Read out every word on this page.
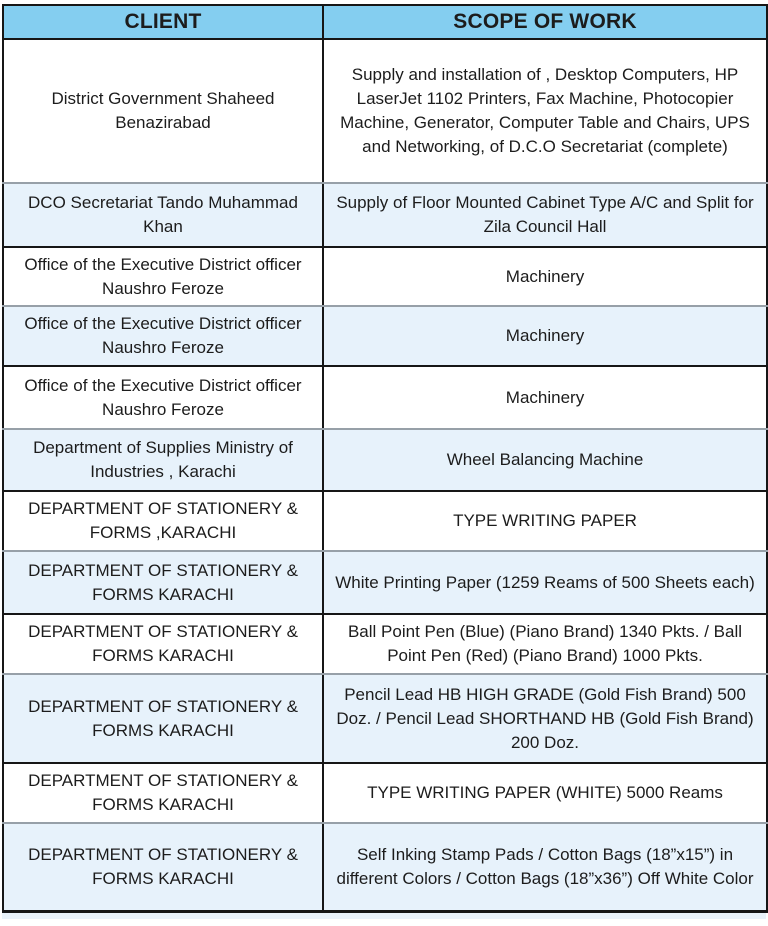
CLIENT	SCOPE OF WORK
District Government Shaheed Benazirabad	Supply and installation of , Desktop Computers, HP LaserJet 1102 Printers, Fax Machine, Photocopier Machine, Generator, Computer Table and Chairs, UPS and Networking, of D.C.O Secretariat (complete)
DCO Secretariat Tando Muhammad Khan	Supply of Floor Mounted Cabinet Type A/C and Split for Zila Council Hall
Office of the Executive District officer Naushro Feroze	Machinery
Office of the Executive District officer Naushro Feroze	Machinery
Office of the Executive District officer Naushro Feroze	Machinery
Department of Supplies Ministry of Industries , Karachi	Wheel Balancing Machine
DEPARTMENT OF STATIONERY & FORMS ,KARACHI	TYPE WRITING PAPER
DEPARTMENT OF STATIONERY & FORMS KARACHI	White Printing Paper (1259 Reams of 500 Sheets each)
DEPARTMENT OF STATIONERY & FORMS KARACHI	Ball Point Pen (Blue) (Piano Brand) 1340 Pkts. / Ball Point Pen (Red) (Piano Brand) 1000 Pkts.
DEPARTMENT OF STATIONERY & FORMS KARACHI	Pencil Lead HB HIGH GRADE (Gold Fish Brand) 500 Doz. / Pencil Lead SHORTHAND HB (Gold Fish Brand) 200 Doz.
DEPARTMENT OF STATIONERY & FORMS KARACHI	TYPE WRITING PAPER (WHITE) 5000 Reams
DEPARTMENT OF STATIONERY & FORMS KARACHI	Self Inking Stamp Pads / Cotton Bags (18”x15”) in different Colors / Cotton Bags (18”x36”) Off White Color
